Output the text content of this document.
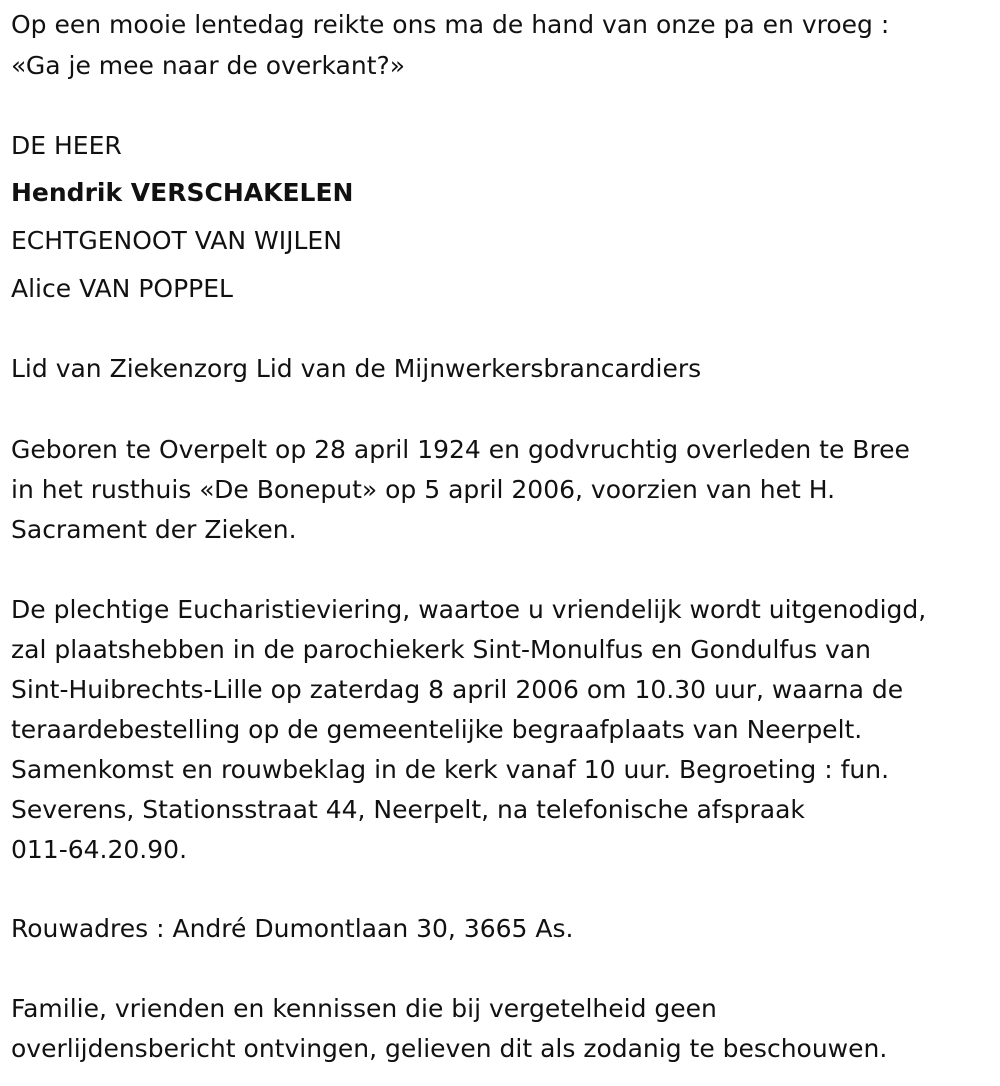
Op een mooie lentedag reikte ons ma de hand van onze pa en vroeg :
«Ga je mee naar de overkant?»
DE HEER
Hendrik VERSCHAKELEN
ECHTGENOOT VAN WIJLEN
Alice VAN POPPEL
Lid van Ziekenzorg Lid van de Mijnwerkersbrancardiers
Geboren te Overpelt op 28 april 1924 en godvruchtig overleden te Bree
in het rusthuis «De Boneput» op 5 april 2006, voorzien van het H.
Sacrament der Zieken.
De plechtige Eucharistieviering, waartoe u vriendelijk wordt uitgenodigd,
zal plaatshebben in de parochiekerk Sint-Monulfus en Gondulfus van
Sint-Huibrechts-Lille op zaterdag 8 april 2006 om 10.30 uur, waarna de
teraardebestelling op de gemeentelijke begraafplaats van Neerpelt.
Samenkomst en rouwbeklag in de kerk vanaf 10 uur. Begroeting : fun.
Severens, Stationsstraat 44, Neerpelt, na telefonische afspraak
011-64.20.90.
Rouwadres : André Dumontlaan 30, 3665 As.
Familie, vrienden en kennissen die bij vergetelheid geen
overlijdensbericht ontvingen, gelieven dit als zodanig te beschouwen.
